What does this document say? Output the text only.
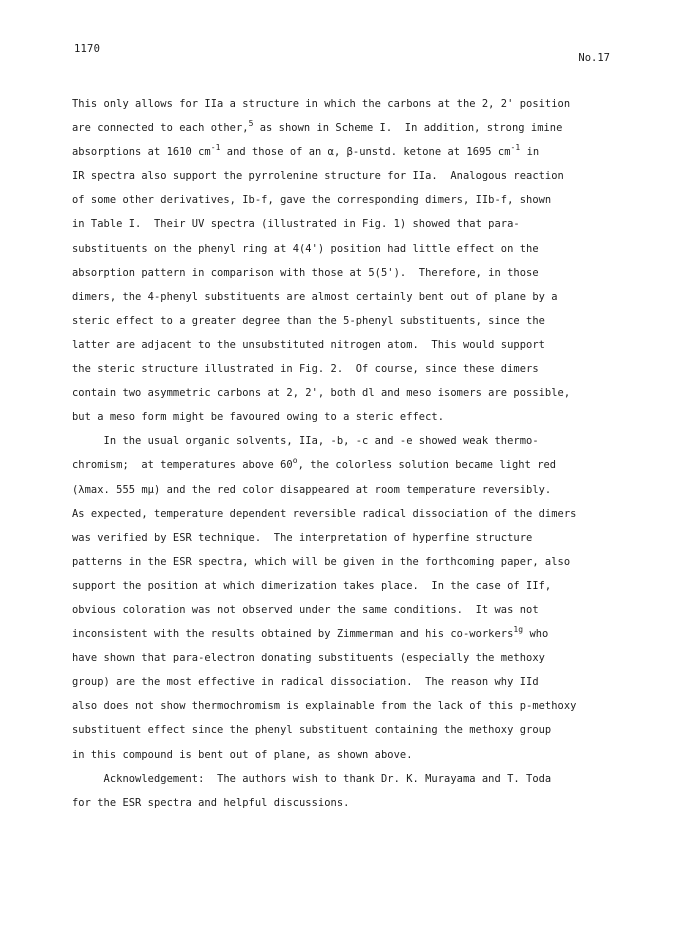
1170
No.17
This only allows for IIa a structure in which the carbons at the 2, 2' position
are connected to each other,$^5$ as shown in Scheme I.  In addition, strong imine
absorptions at 1610 $cm^{-1}$ and those of an α, β-unstd. ketone at 1695 $cm^{-1}$ in
IR spectra also support the pyrrolenine structure for IIa.  Analogous reaction
of some other derivatives, Ib-f, gave the corresponding dimers, IIb-f, shown
in Table I.  Their UV spectra (illustrated in Fig. 1) showed that para-
substituents on the phenyl ring at 4(4') position had little effect on the
absorption pattern in comparison with those at 5(5').  Therefore, in those
dimers, the 4-phenyl substituents are almost certainly bent out of plane by a
steric effect to a greater degree than the 5-phenyl substituents, since the
latter are adjacent to the unsubstituted nitrogen atom.  This would support
the steric structure illustrated in Fig. 2.  Of course, since these dimers
contain two asymmetric carbons at 2, 2', both dl and meso isomers are possible,
but a meso form might be favoured owing to a steric effect.
In the usual organic solvents, IIa, -b, -c and -e showed weak thermo-
chromism;  at temperatures above 60$^o$, the colorless solution became light red
(λmax. 555 mμ) and the red color disappeared at room temperature reversibly.
As expected, temperature dependent reversible radical dissociation of the dimers
was verified by ESR technique.  The interpretation of hyperfine structure
patterns in the ESR spectra, which will be given in the forthcoming paper, also
support the position at which dimerization takes place.  In the case of IIf,
obvious coloration was not observed under the same conditions.  It was not
inconsistent with the results obtained by Zimmerman and his co-workers$^{1g}$ who
have shown that para-electron donating substituents (especially the methoxy
group) are the most effective in radical dissociation.  The reason why IId
also does not show thermochromism is explainable from the lack of this p-methoxy
substituent effect since the phenyl substituent containing the methoxy group
in this compound is bent out of plane, as shown above.
Acknowledgement:  The authors wish to thank Dr. K. Murayama and T. Toda
for the ESR spectra and helpful discussions.
